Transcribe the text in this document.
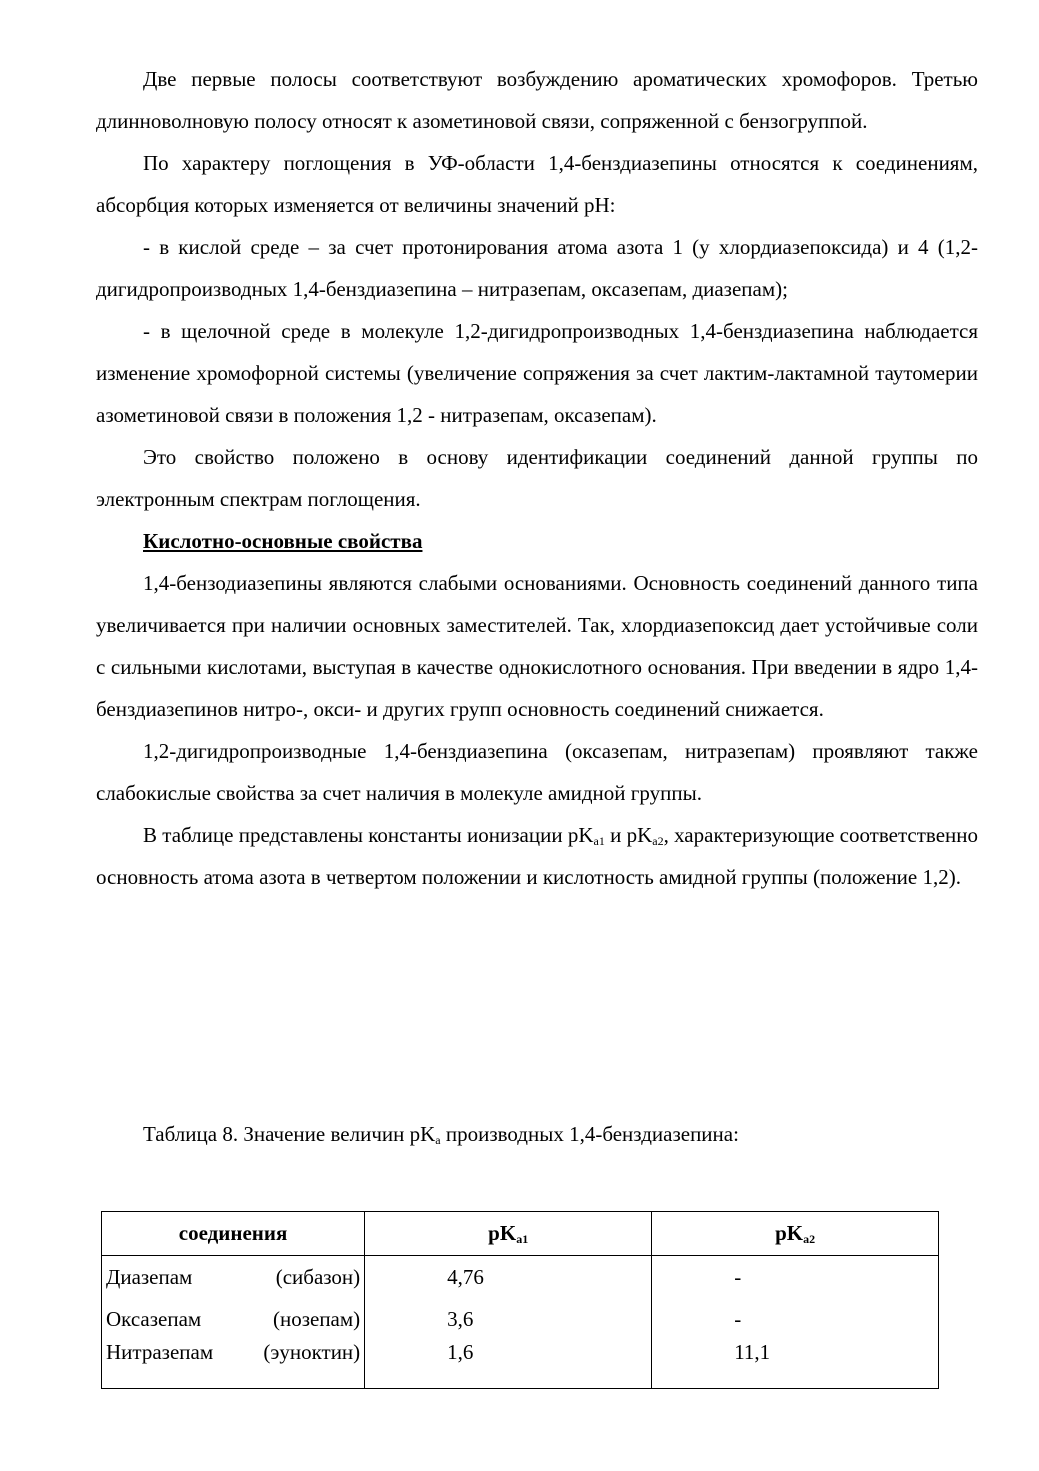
Две первые полосы соответствуют возбуждению ароматических хромофоров. Третью длинноволновую полосу относят к азометиновой связи, сопряженной с бензогруппой.

По характеру поглощения в УФ-области 1,4-бенздиазепины относятся к соединениям, абсорбция которых изменяется от величины значений pH:

- в кислой среде – за счет протонирования атома азота 1 (у хлордиазепоксида) и 4 (1,2-дигидропроизводных 1,4-бенздиазепина – нитразепам, оксазепам, диазепам);

- в щелочной среде в молекуле 1,2-дигидропроизводных 1,4-бенздиазепина наблюдается изменение хромофорной системы (увеличение сопряжения за счет лактим-лактамной таутомерии азометиновой связи в положения 1,2 - нитразепам, оксазепам).

Это свойство положено в основу идентификации соединений данной группы по электронным спектрам поглощения.

Кислотно-основные свойства

1,4-бензодиазепины являются слабыми основаниями. Основность соединений данного типа увеличивается при наличии основных заместителей. Так, хлордиазепоксид дает устойчивые соли с сильными кислотами, выступая в качестве однокислотного основания. При введении в ядро 1,4-бенздиазепинов нитро-, окси- и других групп основность соединений снижается.

1,2-дигидропроизводные 1,4-бенздиазепина (оксазепам, нитразепам) проявляют также слабокислые свойства за счет наличия в молекуле амидной группы.

В таблице представлены константы ионизации $pK_{a1}$ и $pK_{a2}$, характеризующие соответственно основность атома азота в четвертом положении и кислотность амидной группы (положение 1,2).

Таблица 8. Значение величин $pK_a$ производных 1,4-бенздиазепина:

соединения	$pK_{a1}$	$pK_{a2}$

Диазепам (сибазон)	4,76	-

Оксазепам (нозепам)	3,6	-

Нитразепам (эуноктин)	1,6	11,1
